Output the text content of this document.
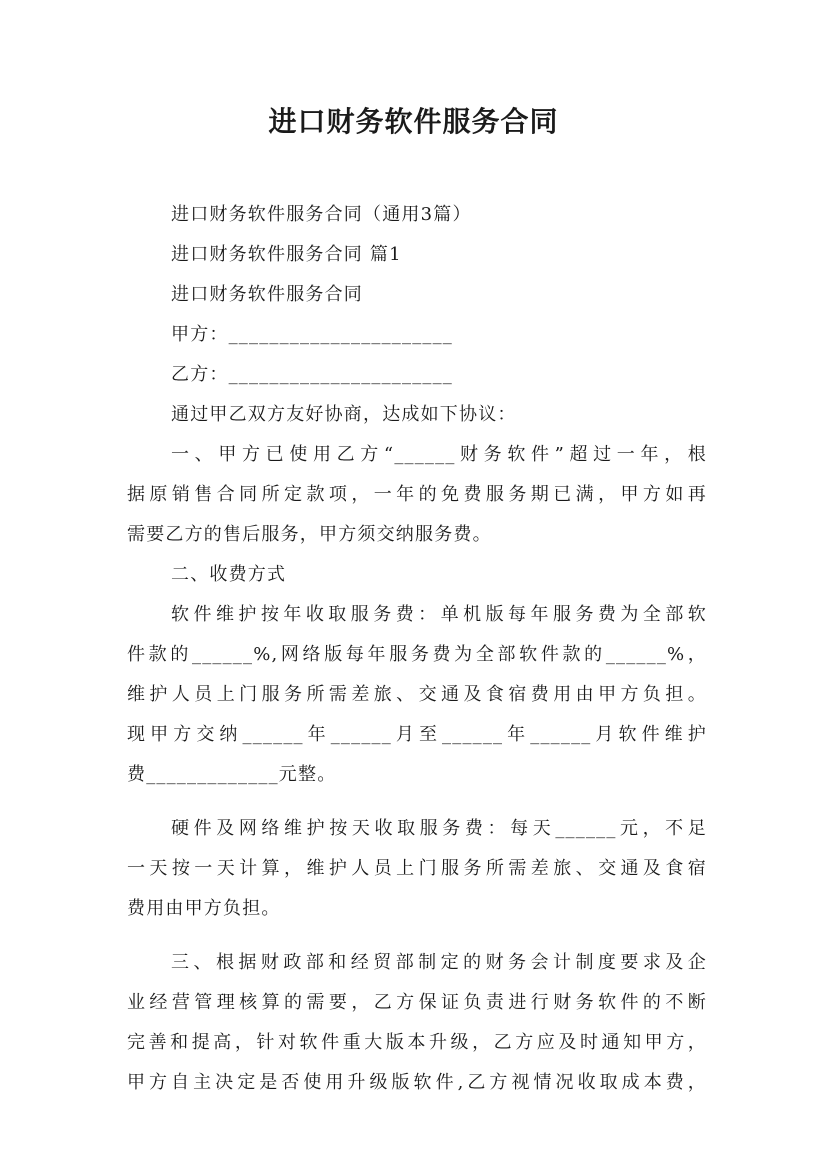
进口财务软件服务合同
进口财务软件服务合同（通用3篇）
进口财务软件服务合同 篇1
进口财务软件服务合同
甲方：______________________
乙方：______________________
通过甲乙双方友好协商，达成如下协议：
一、甲方已使用乙方“______财务软件”超过一年，根
据原销售合同所定款项，一年的免费服务期已满，甲方如再
需要乙方的售后服务，甲方须交纳服务费。
二、收费方式
软件维护按年收取服务费：单机版每年服务费为全部软
件款的______%,网络版每年服务费为全部软件款的______%，
维护人员上门服务所需差旅、交通及食宿费用由甲方负担。
现甲方交纳______年______月至______年______月软件维护
费_____________元整。
硬件及网络维护按天收取服务费：每天______元，不足
一天按一天计算，维护人员上门服务所需差旅、交通及食宿
费用由甲方负担。
三、根据财政部和经贸部制定的财务会计制度要求及企
业经营管理核算的需要，乙方保证负责进行财务软件的不断
完善和提高，针对软件重大版本升级，乙方应及时通知甲方，
甲方自主决定是否使用升级版软件,乙方视情况收取成本费，
